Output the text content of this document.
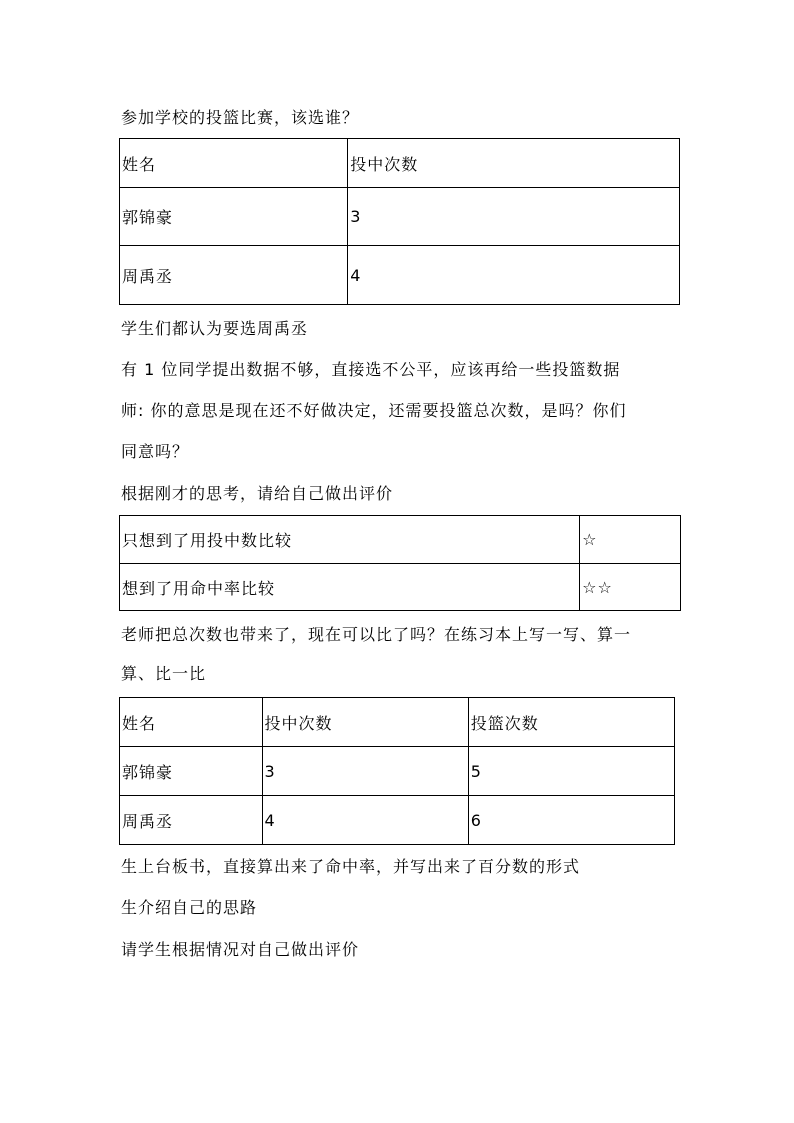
参加学校的投篮比赛，该选谁？
姓名	投中次数
郭锦豪	3
周禹丞	4
学生们都认为要选周禹丞
有 1 位同学提出数据不够，直接选不公平，应该再给一些投篮数据
师: 你的意思是现在还不好做决定，还需要投篮总次数，是吗？你们
同意吗？
根据刚才的思考，请给自己做出评价
只想到了用投中数比较	☆
想到了用命中率比较	☆☆
老师把总次数也带来了，现在可以比了吗？在练习本上写一写、算一
算、比一比
姓名	投中次数	投篮次数
郭锦豪	3	5
周禹丞	4	6
生上台板书，直接算出来了命中率，并写出来了百分数的形式
生介绍自己的思路
请学生根据情况对自己做出评价
